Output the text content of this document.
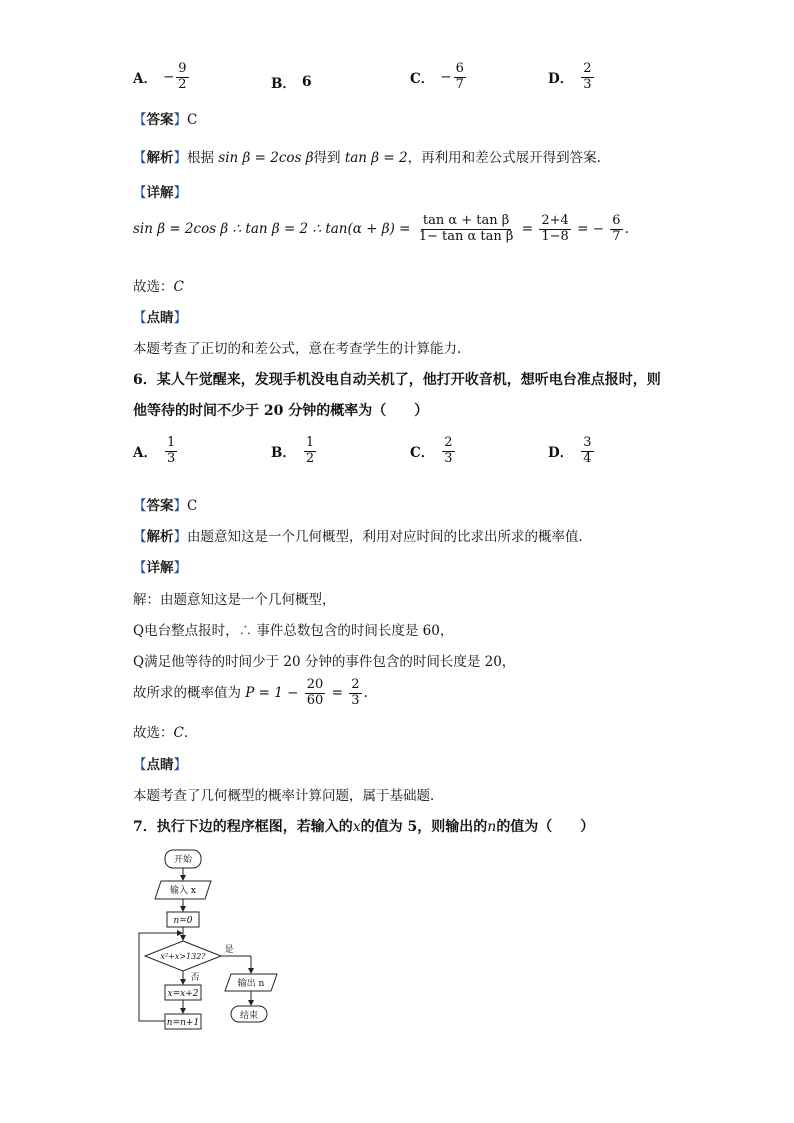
A． − $\frac{9}{2}$	B． 6	C． − $\frac{6}{7}$	D． $\frac{2}{3}$
【答案】C
【解析】根据 sin β = 2cos β得到 tan β = 2，再利用和差公式展开得到答案.
【详解】
sin β = 2cos β ∴ tan β = 2 ∴ $\tan(\alpha + \beta) = \frac{\text{tan α + tan β}}{\text{1− tan α tan β}} = \frac{2+4}{1-8}$ = − $\frac{6}{7}$ .
故选：C
【点睛】
本题考查了正切的和差公式，意在考查学生的计算能力.
6．某人午觉醒来，发现手机没电自动关机了，他打开收音机，想听电台准点报时，则
他等待的时间不少于 20 分钟的概率为（　　）
A． $\frac{1}{3}$	B． $\frac{1}{2}$	C． $\frac{2}{3}$	D． $\frac{3}{4}$
【答案】C
【解析】由题意知这是一个几何概型，利用对应时间的比求出所求的概率值．
【详解】
解：由题意知这是一个几何概型，
Q电台整点报时，∴ 事件总数包含的时间长度是 60，
Q满足他等待的时间少于 20 分钟的事件包含的时间长度是 20，
故所求的概率值为 $P = 1 - \frac{20}{60} = \frac{2}{3}$ .
故选：C．
【点睛】
本题考查了几何概型的概率计算问题，属于基础题．
7．执行下边的程序框图，若输入的x的值为 5，则输出的n的值为（　　）
开始
输入 x
n=0
x²+x>132?
是
否
x=x+2
n=n+1
输出 n
结束
